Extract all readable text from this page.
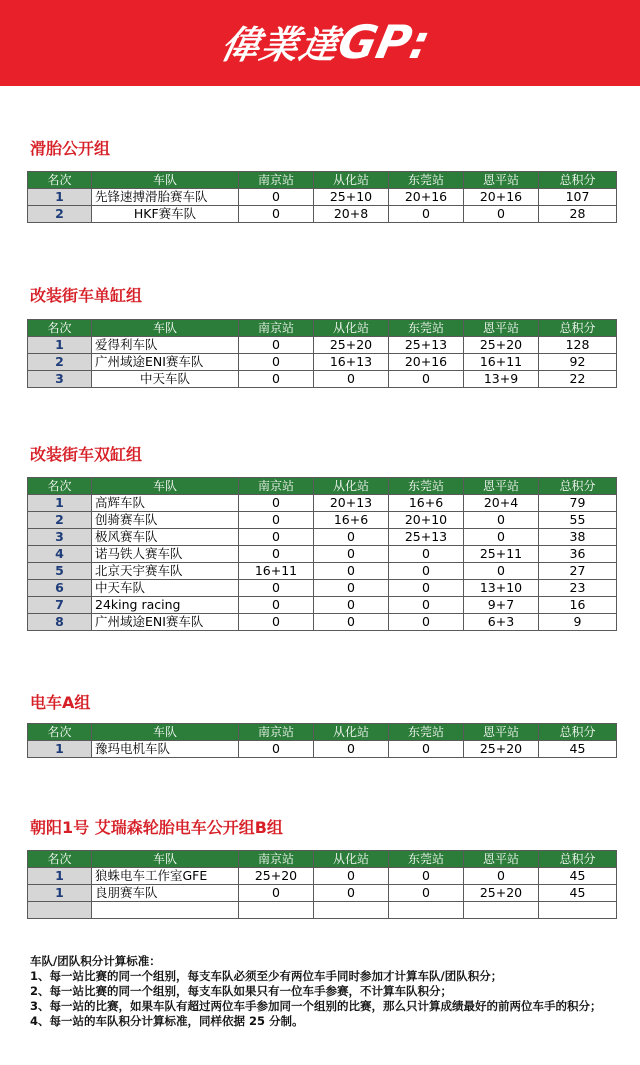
偉業達GP:
滑胎公开组
名次	车队	南京站	从化站	东莞站	恩平站	总积分
1	先锋速搏滑胎赛车队	0	25+10	20+16	20+16	107
2	HKF赛车队	0	20+8	0	0	28
改装街车单缸组
名次	车队	南京站	从化站	东莞站	恩平站	总积分
1	爱得利车队	0	25+20	25+13	25+20	128
2	广州域途ENI赛车队	0	16+13	20+16	16+11	92
3	中天车队	0	0	0	13+9	22
改装街车双缸组
名次	车队	南京站	从化站	东莞站	恩平站	总积分
1	高辉车队	0	20+13	16+6	20+4	79
2	创骑赛车队	0	16+6	20+10	0	55
3	极风赛车队	0	0	25+13	0	38
4	诺马铁人赛车队	0	0	0	25+11	36
5	北京天宇赛车队	16+11	0	0	0	27
6	中天车队	0	0	0	13+10	23
7	24king racing	0	0	0	9+7	16
8	广州域途ENI赛车队	0	0	0	6+3	9
电车A组
名次	车队	南京站	从化站	东莞站	恩平站	总积分
1	豫玛电机车队	0	0	0	25+20	45
朝阳1号 艾瑞森轮胎电车公开组B组
名次	车队	南京站	从化站	东莞站	恩平站	总积分
1	狼蛛电车工作室GFE	25+20	0	0	0	45
1	良朋赛车队	0	0	0	25+20	45

车队/团队积分计算标准：
1、每一站比赛的同一个组别，每支车队必须至少有两位车手同时参加才计算车队/团队积分；
2、每一站比赛的同一个组别，每支车队如果只有一位车手参赛，不计算车队积分；
3、每一站的比赛，如果车队有超过两位车手参加同一个组别的比赛，那么只计算成绩最好的前两位车手的积分；
4、每一站的车队积分计算标准，同样依据 25 分制。
